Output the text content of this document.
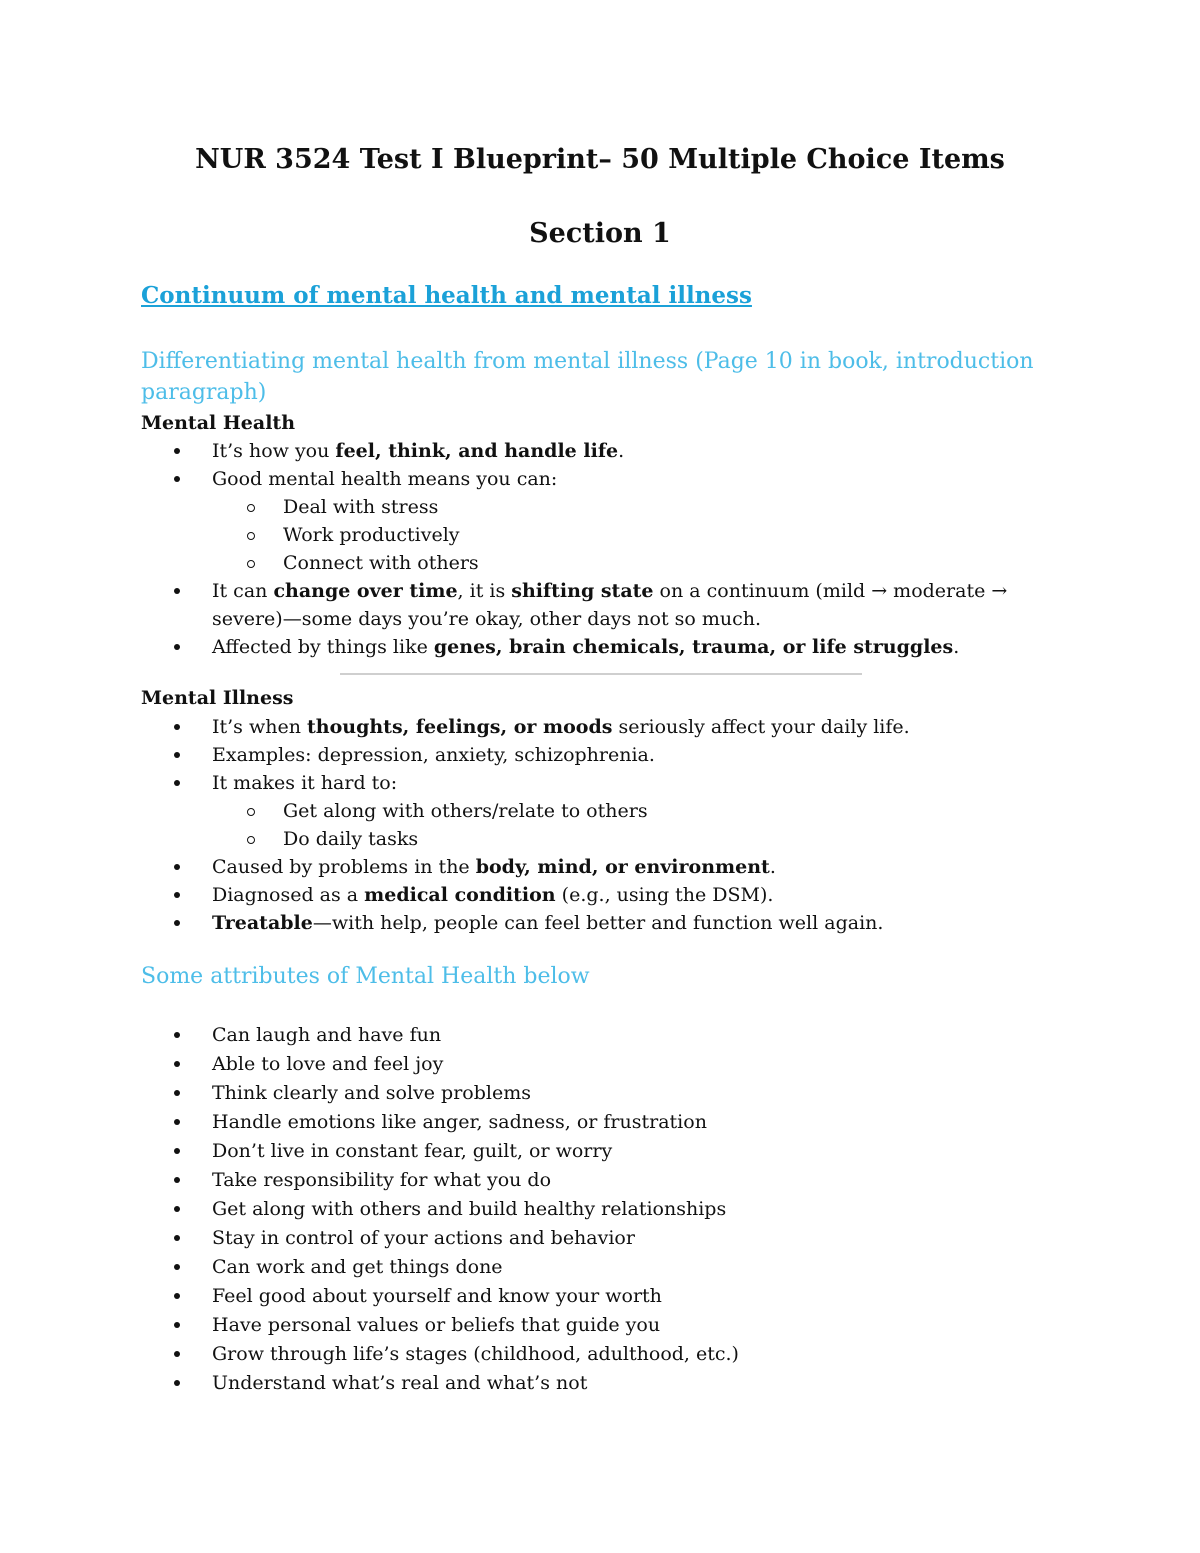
NUR 3524 Test I Blueprint– 50 Multiple Choice Items
Section 1
Continuum of mental health and mental illness
Differentiating mental health from mental illness (Page 10 in book, introduction paragraph)
Mental Health
It’s how you feel, think, and handle life.
Good mental health means you can:
Deal with stress
Work productively
Connect with others
It can change over time, it is shifting state on a continuum (mild → moderate → severe)—some days you’re okay, other days not so much.
Affected by things like genes, brain chemicals, trauma, or life struggles.
Mental Illness
It’s when thoughts, feelings, or moods seriously affect your daily life.
Examples: depression, anxiety, schizophrenia.
It makes it hard to:
Get along with others/relate to others
Do daily tasks
Caused by problems in the body, mind, or environment.
Diagnosed as a medical condition (e.g., using the DSM).
Treatable—with help, people can feel better and function well again.
Some attributes of Mental Health below
Can laugh and have fun
Able to love and feel joy
Think clearly and solve problems
Handle emotions like anger, sadness, or frustration
Don’t live in constant fear, guilt, or worry
Take responsibility for what you do
Get along with others and build healthy relationships
Stay in control of your actions and behavior
Can work and get things done
Feel good about yourself and know your worth
Have personal values or beliefs that guide you
Grow through life’s stages (childhood, adulthood, etc.)
Understand what’s real and what’s not
